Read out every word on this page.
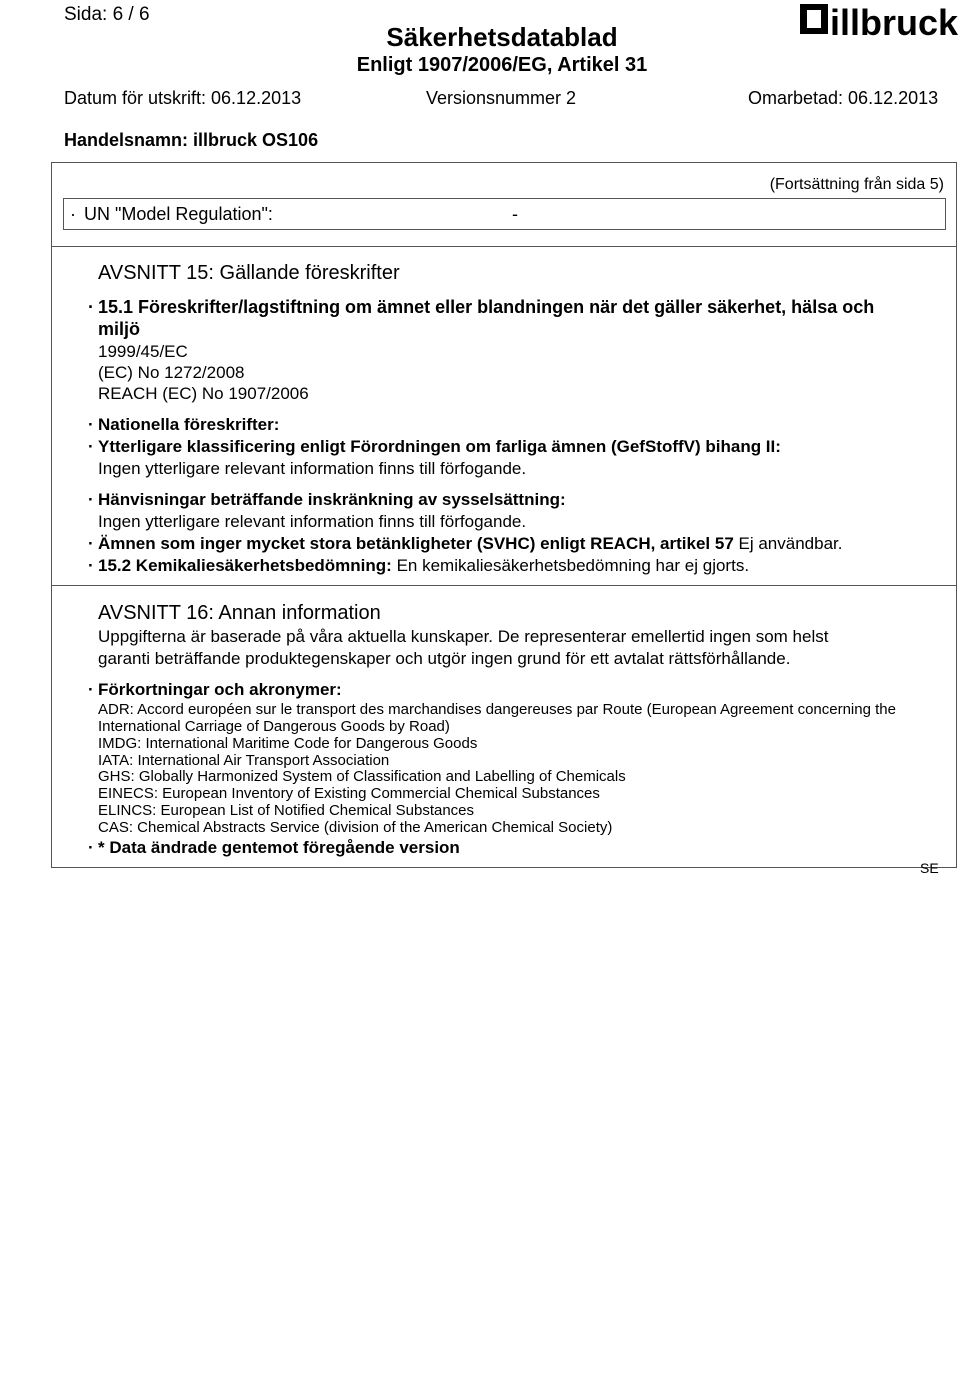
Sida: 6 / 6
Säkerhetsdatablad
Enligt 1907/2006/EG, Artikel 31
illbruck
Datum för utskrift: 06.12.2013	Versionsnummer 2	Omarbetad: 06.12.2013
Handelsnamn: illbruck OS106
(Fortsättning från sida 5)
· UN "Model Regulation":	-
AVSNITT 15: Gällande föreskrifter
· 15.1 Föreskrifter/lagstiftning om ämnet eller blandningen när det gäller säkerhet, hälsa och
miljö
1999/45/EC
(EC) No 1272/2008
REACH (EC) No 1907/2006
· Nationella föreskrifter:
· Ytterligare klassificering enligt Förordningen om farliga ämnen (GefStoffV) bihang II:
Ingen ytterligare relevant information finns till förfogande.
· Hänvisningar beträffande inskränkning av sysselsättning:
Ingen ytterligare relevant information finns till förfogande.
· Ämnen som inger mycket stora betänkligheter (SVHC) enligt REACH, artikel 57 Ej användbar.
· 15.2 Kemikaliesäkerhetsbedömning: En kemikaliesäkerhetsbedömning har ej gjorts.
AVSNITT 16: Annan information
Uppgifterna är baserade på våra aktuella kunskaper. De representerar emellertid ingen som helst
garanti beträffande produktegenskaper och utgör ingen grund för ett avtalat rättsförhållande.
· Förkortningar och akronymer:
ADR: Accord européen sur le transport des marchandises dangereuses par Route (European Agreement concerning the
International Carriage of Dangerous Goods by Road)
IMDG: International Maritime Code for Dangerous Goods
IATA: International Air Transport Association
GHS: Globally Harmonized System of Classification and Labelling of Chemicals
EINECS: European Inventory of Existing Commercial Chemical Substances
ELINCS: European List of Notified Chemical Substances
CAS: Chemical Abstracts Service (division of the American Chemical Society)
· * Data ändrade gentemot föregående version
SE
